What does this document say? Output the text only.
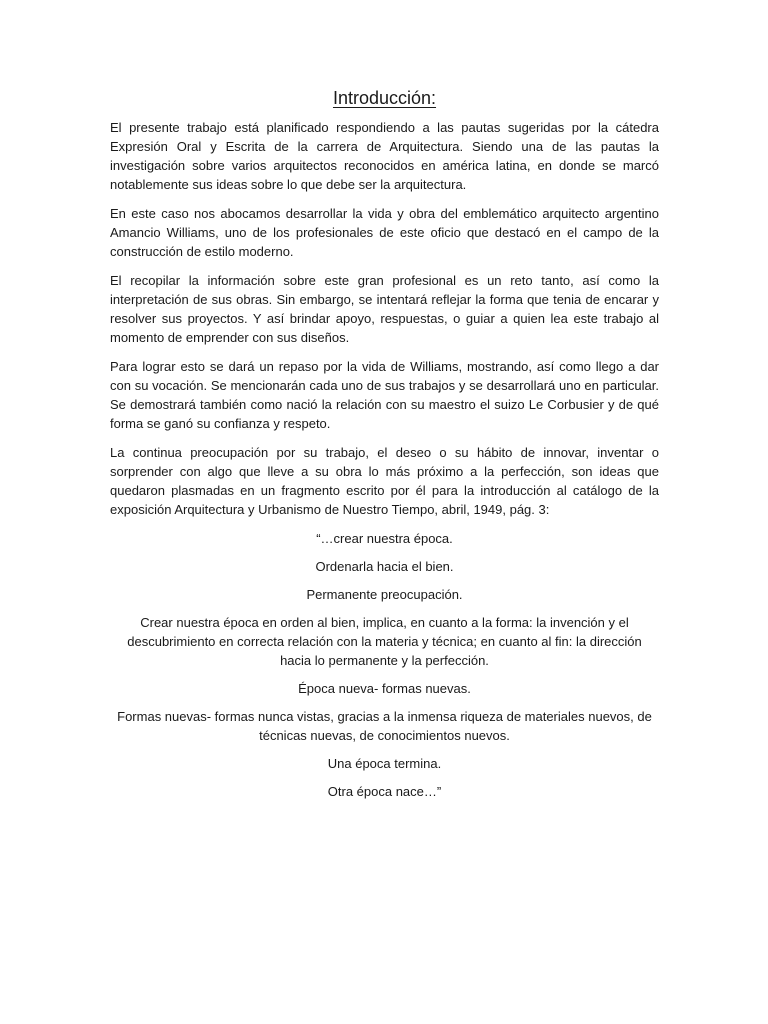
Introducción:

El presente trabajo está planificado respondiendo a las pautas sugeridas por la cátedra Expresión Oral y Escrita de la carrera de Arquitectura. Siendo una de las pautas la investigación sobre varios arquitectos reconocidos en américa latina, en donde se marcó notablemente sus ideas sobre lo que debe ser la arquitectura.

En este caso nos abocamos desarrollar la vida y obra del emblemático arquitecto argentino Amancio Williams, uno de los profesionales de este oficio que destacó en el campo de la construcción de estilo moderno.

El recopilar la información sobre este gran profesional es un reto tanto, así como la interpretación de sus obras. Sin embargo, se intentará reflejar la forma que tenia de encarar y resolver sus proyectos. Y así brindar apoyo, respuestas, o guiar a quien lea este trabajo al momento de emprender con sus diseños.

Para lograr esto se dará un repaso por la vida de Williams, mostrando, así como llego a dar con su vocación. Se mencionarán cada uno de sus trabajos y se desarrollará uno en particular. Se demostrará también como nació la relación con su maestro el suizo Le Corbusier y de qué forma se ganó su confianza y respeto.

La continua preocupación por su trabajo, el deseo o su hábito de innovar, inventar o sorprender con algo que lleve a su obra lo más próximo a la perfección, son ideas que quedaron plasmadas en un fragmento escrito por él para la introducción al catálogo de la exposición Arquitectura y Urbanismo de Nuestro Tiempo, abril, 1949, pág. 3:

“…crear nuestra época.

Ordenarla hacia el bien.

Permanente preocupación.

Crear nuestra época en orden al bien, implica, en cuanto a la forma: la invención y el descubrimiento en correcta relación con la materia y técnica; en cuanto al fin: la dirección hacia lo permanente y la perfección.

Época nueva- formas nuevas.

Formas nuevas- formas nunca vistas, gracias a la inmensa riqueza de materiales nuevos, de técnicas nuevas, de conocimientos nuevos.

Una época termina.

Otra época nace…”
